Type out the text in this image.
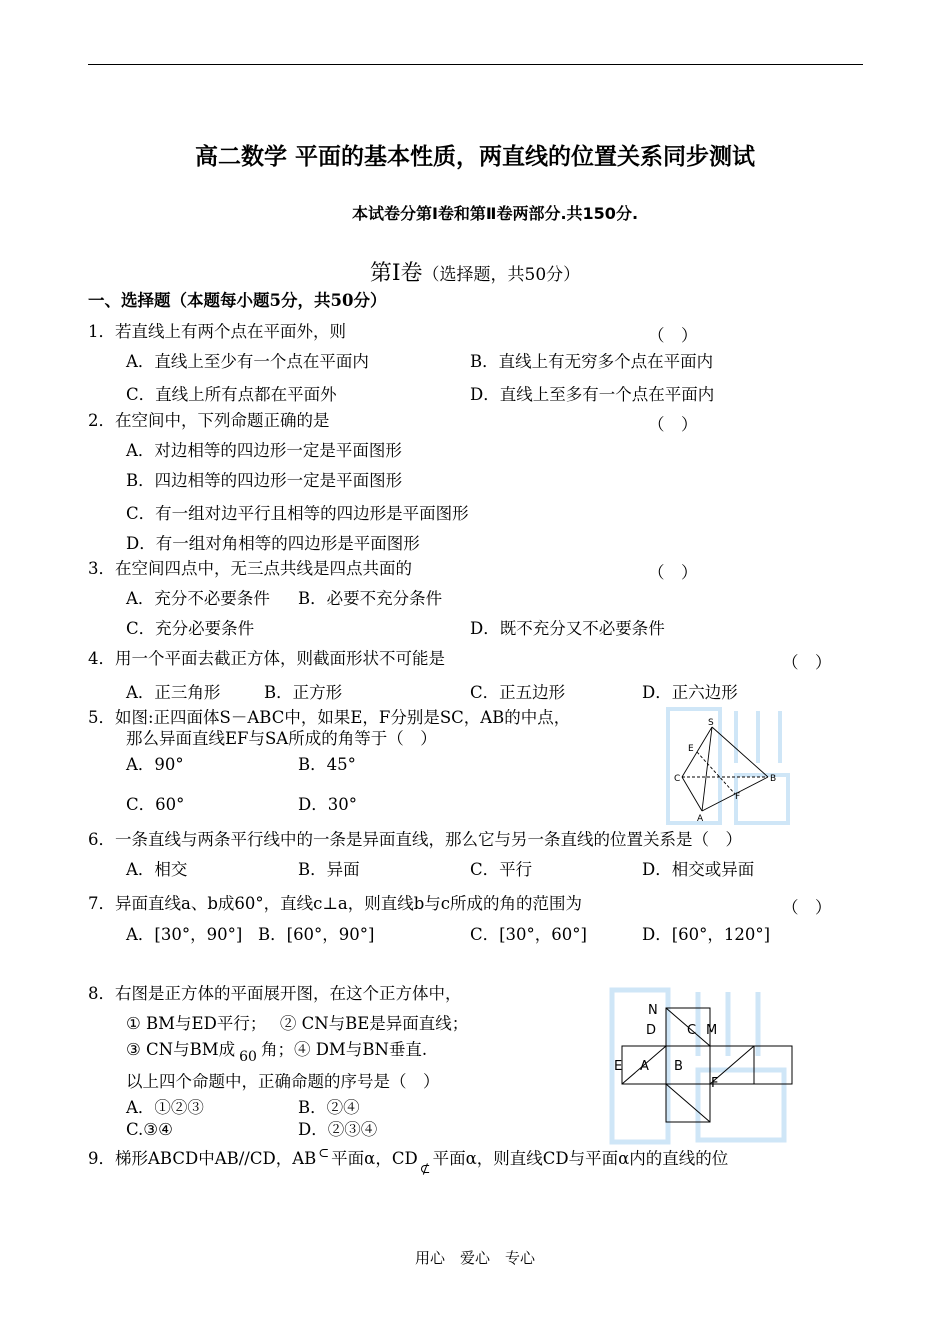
高二数学 平面的基本性质，两直线的位置关系同步测试
本试卷分第Ⅰ卷和第Ⅱ卷两部分.共150分.
第Ⅰ卷（选择题，共50分）
一、选择题（本题每小题5分，共50分）
1．若直线上有两个点在平面外，则	（　）
A．直线上至少有一个点在平面内	B．直线上有无穷多个点在平面内
C．直线上所有点都在平面外	D．直线上至多有一个点在平面内
2．在空间中，下列命题正确的是	（　）
A．对边相等的四边形一定是平面图形
B．四边相等的四边形一定是平面图形
C．有一组对边平行且相等的四边形是平面图形
D．有一组对角相等的四边形是平面图形
3．在空间四点中，无三点共线是四点共面的	（　）
A．充分不必要条件 B．必要不充分条件
C．充分必要条件	D．既不充分又不必要条件
4．用一个平面去截正方体，则截面形状不可能是	（　）
A．正三角形	B．正方形	C．正五边形	D．正六边形
5．如图:正四面体S－ABC中，如果E，F分别是SC，AB的中点，
那么异面直线EF与SA所成的角等于（　）
A．90°	B．45°
C．60°	D．30°
S
E
C	B
F
A
6．一条直线与两条平行线中的一条是异面直线，那么它与另一条直线的位置关系是（　）
A．相交	B．异面	C．平行	D．相交或异面
7．异面直线a、b成60°，直线c⊥a，则直线b与c所成的角的范围为	（　）
A．[30°，90°] B．[60°，90°]	C．[30°，60°]	D．[60°，120°]
8．右图是正方体的平面展开图，在这个正方体中，
① BM与ED平行；　 ② CN与BE是异面直线；
③ CN与BM成 $_{60}$ 角；④ DM与BN垂直.
以上四个命题中，正确命题的序号是（　）
A．①②③	B．②④
C.③④	D．②③④
N
D C M
E A B
F
9．梯形ABCD中AB//CD，AB ⊂ 平面α，$CD_⊄$平面α，则直线CD与平面α内的直线的位
用心　爱心　专心
